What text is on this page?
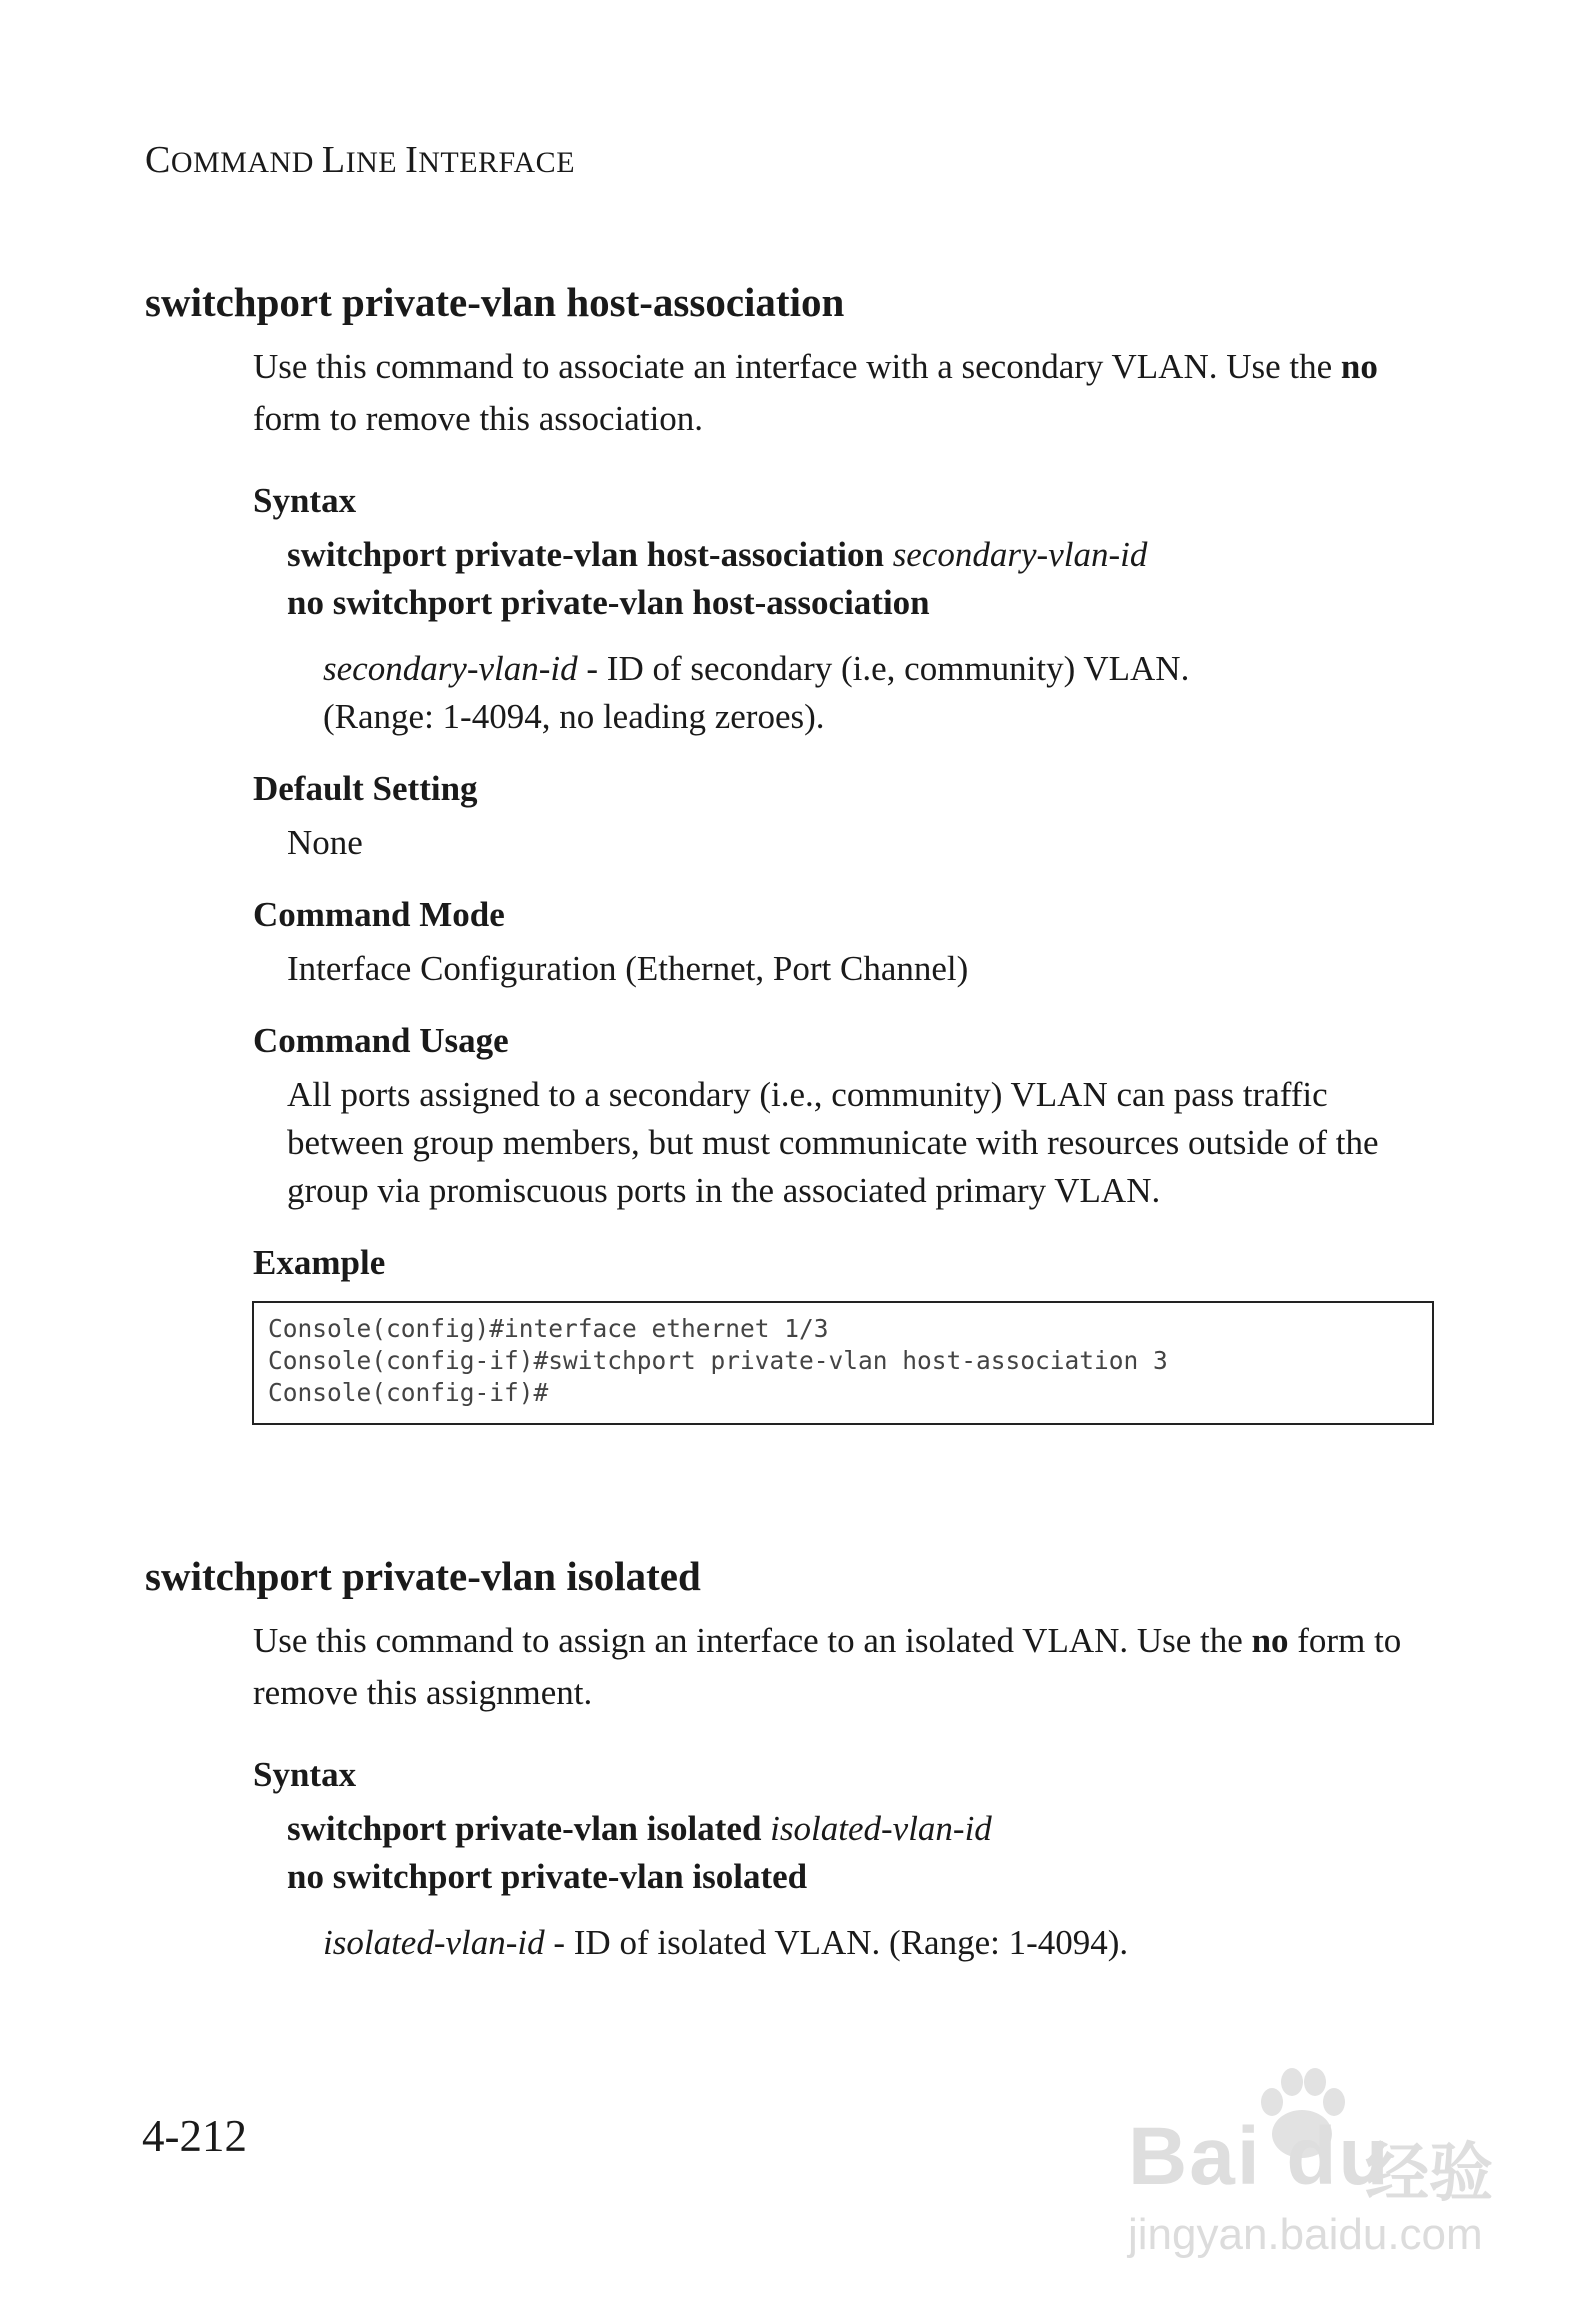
COMMAND LINE INTERFACE
switchport private-vlan host-association
Use this command to associate an interface with a secondary VLAN. Use the no form to remove this association.
Syntax
switchport private-vlan host-association secondary-vlan-id
no switchport private-vlan host-association
secondary-vlan-id - ID of secondary (i.e, community) VLAN.
(Range: 1-4094, no leading zeroes).
Default Setting
None
Command Mode
Interface Configuration (Ethernet, Port Channel)
Command Usage
All ports assigned to a secondary (i.e., community) VLAN can pass traffic between group members, but must communicate with resources outside of the group via promiscuous ports in the associated primary VLAN.
Example
Console(config)#interface ethernet 1/3
Console(config-if)#switchport private-vlan host-association 3
Console(config-if)#
switchport private-vlan isolated
Use this command to assign an interface to an isolated VLAN. Use the no form to remove this assignment.
Syntax
switchport private-vlan isolated isolated-vlan-id
no switchport private-vlan isolated
isolated-vlan-id - ID of isolated VLAN. (Range: 1-4094).
4-212	Bai du
经验
jingyan.baidu.com
